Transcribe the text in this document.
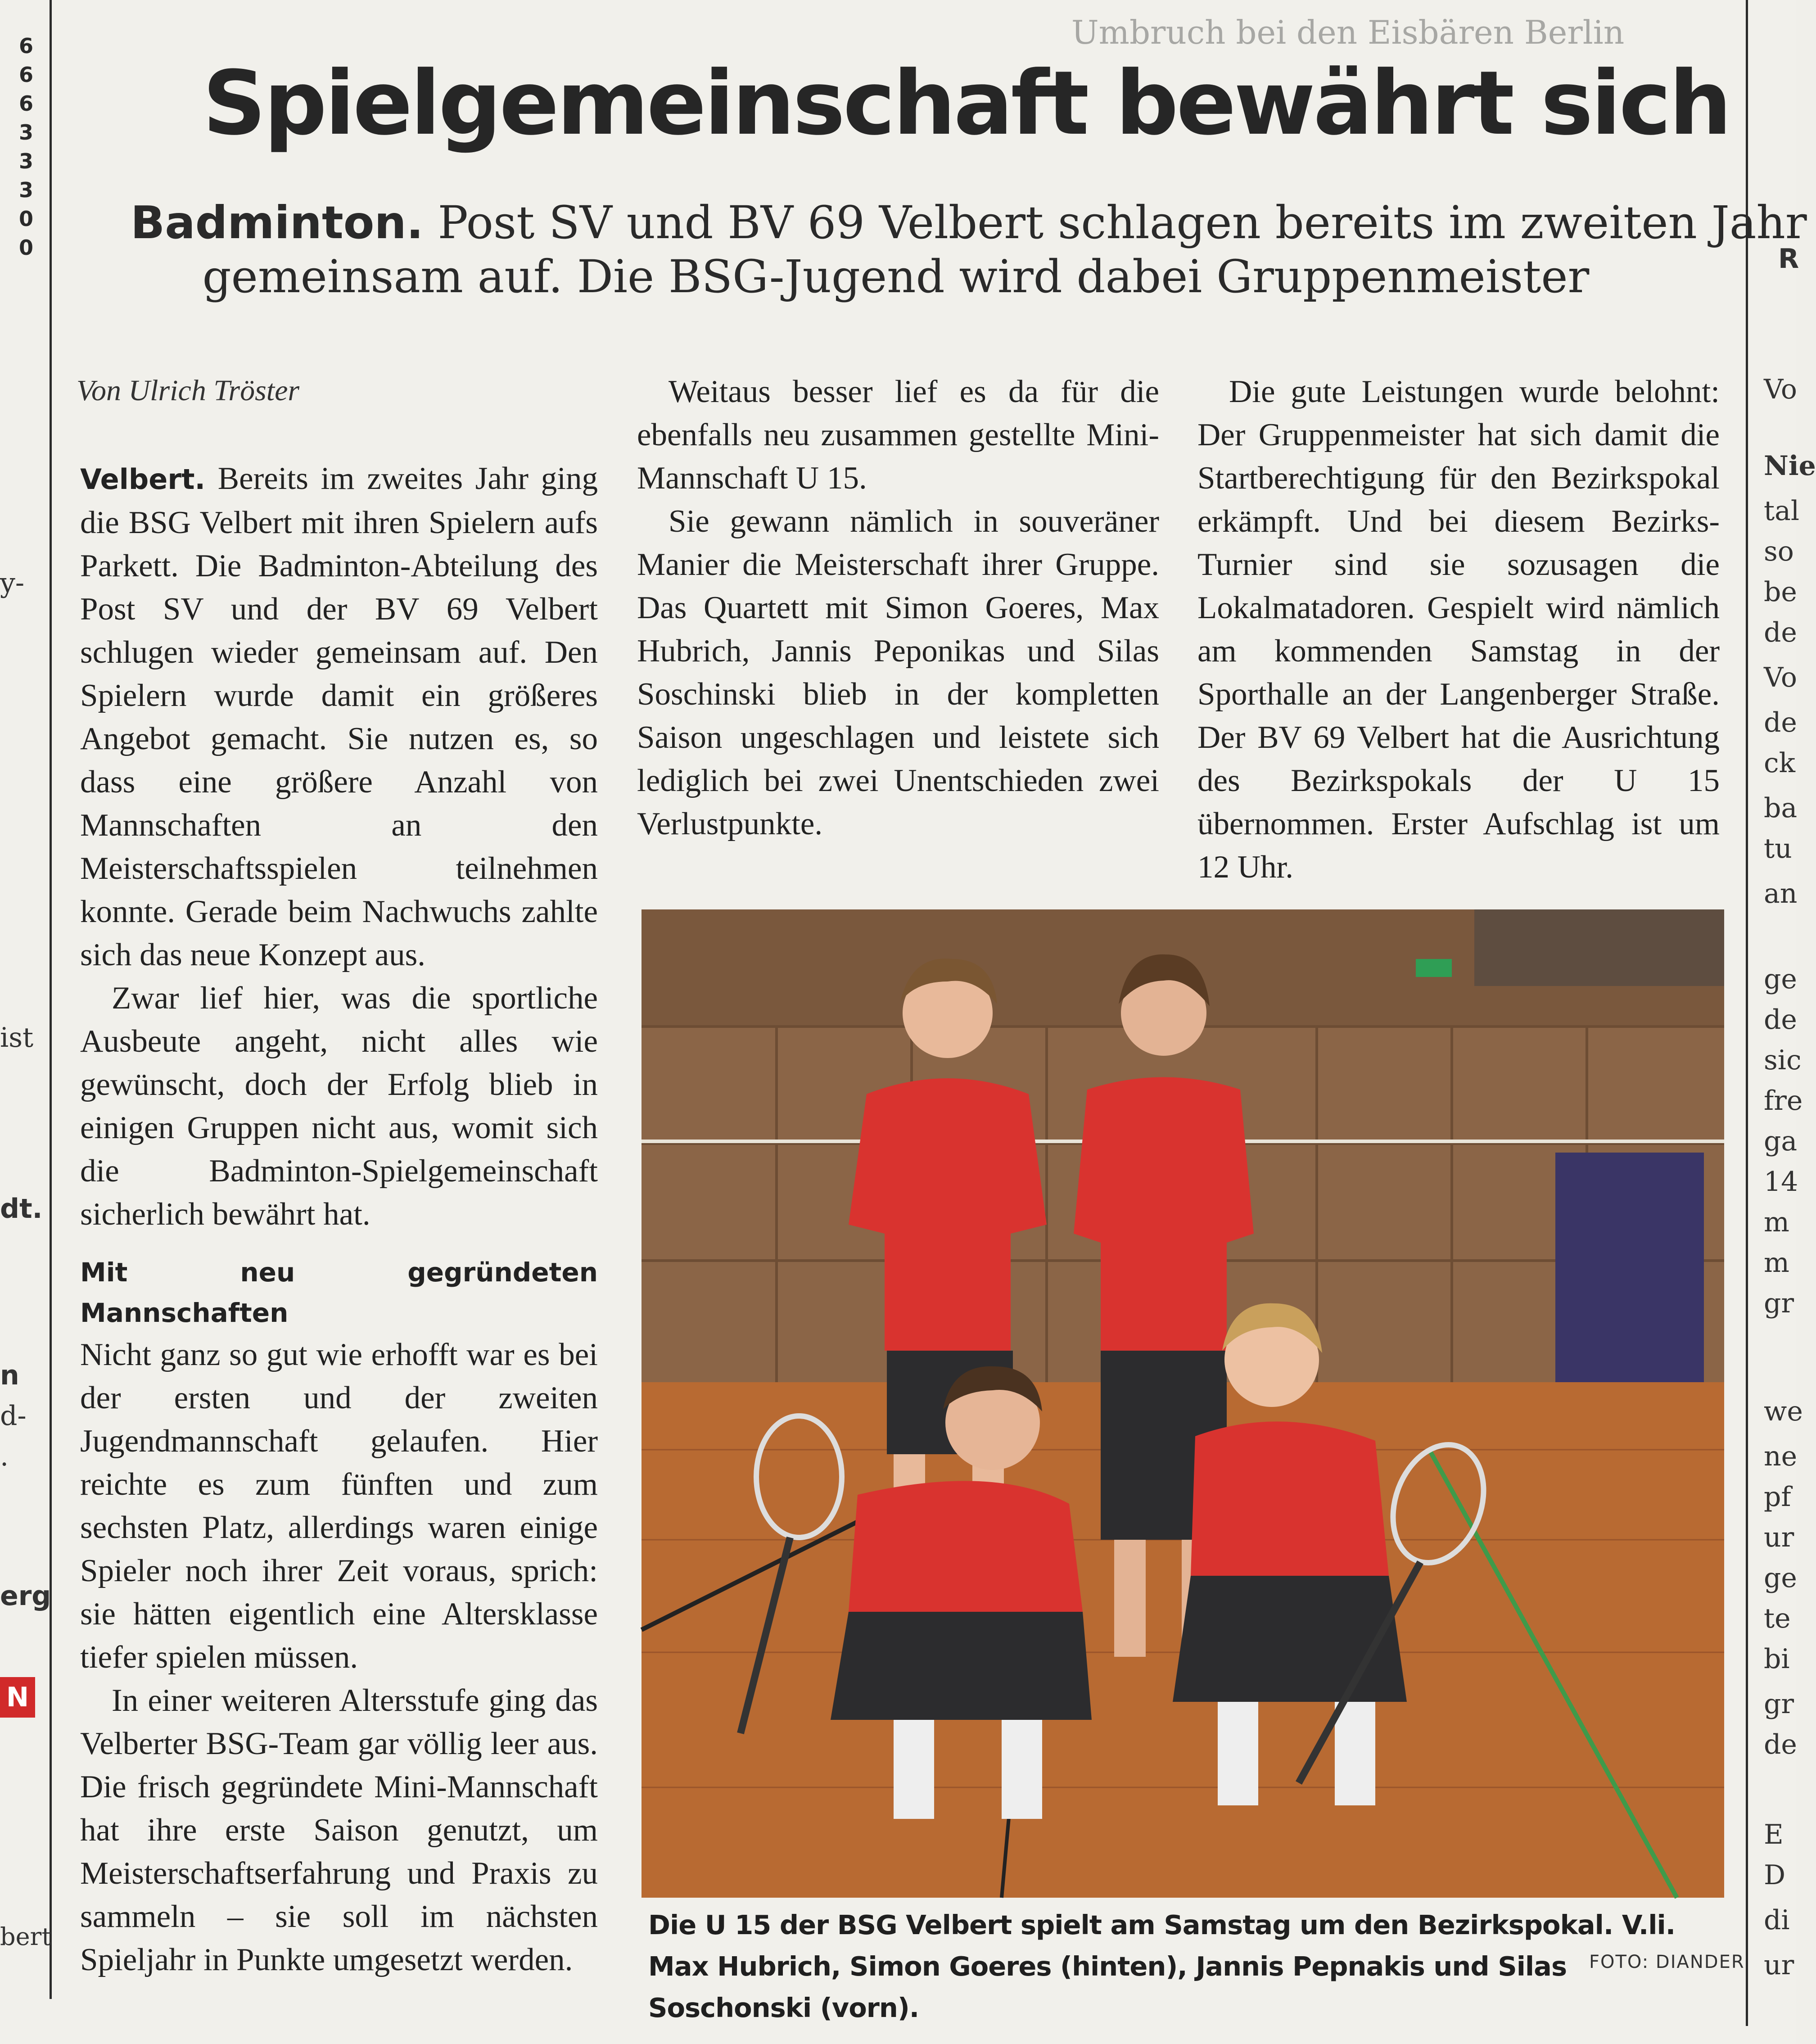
66633300
y-
ist
dt.
n
d-
.
erg
N
bert
Umbruch bei den Eisbären Berlin
R
Vo
Nie
tal
so
be
de
Vo
de
ck
ba
tu
an
ge
de
sic
fre
ga
14
m
m
gr
we
ne
pf
ur
ge
te
bi
gr
de
E
D
di
ur
Spielgemeinschaft bewährt sich
Badminton. Post SV und BV 69 Velbert schlagen bereits im zweiten Jahr
gemeinsam auf. Die BSG-Jugend wird dabei Gruppenmeister
Von Ulrich Tröster

Velbert. Bereits im zweites Jahr ging die BSG Velbert mit ihren Spielern aufs Parkett. Die Badminton-Abteilung des Post SV und der BV 69 Velbert schlugen wieder gemeinsam auf. Den Spielern wurde damit ein größeres Angebot gemacht. Sie nutzen es, so dass eine größere Anzahl von Mannschaften an den Meisterschaftsspielen teilnehmen konnte. Gerade beim Nachwuchs zahlte sich das neue Konzept aus.

Zwar lief hier, was die sportliche Ausbeute angeht, nicht alles wie gewünscht, doch der Erfolg blieb in einigen Gruppen nicht aus, womit sich die Badminton-Spielgemeinschaft sicherlich bewährt hat.

Mit neu gegründeten Mannschaften

Nicht ganz so gut wie erhofft war es bei der ersten und der zweiten Jugendmannschaft gelaufen. Hier reichte es zum fünften und zum sechsten Platz, allerdings waren einige Spieler noch ihrer Zeit voraus, sprich: sie hätten eigentlich eine Altersklasse tiefer spielen müssen.

In einer weiteren Altersstufe ging das Velberter BSG-Team gar völlig leer aus. Die frisch gegründete Mini-Mannschaft hat ihre erste Saison genutzt, um Meisterschaftserfahrung und Praxis zu sammeln – sie soll im nächsten Spieljahr in Punkte umgesetzt werden.

Weitaus besser lief es da für die ebenfalls neu zusammen gestellte Mini-Mannschaft U 15.

Sie gewann nämlich in souveräner Manier die Meisterschaft ihrer Gruppe. Das Quartett mit Simon Goeres, Max Hubrich, Jannis Peponikas und Silas Soschinski blieb in der kompletten Saison ungeschlagen und leistete sich lediglich bei zwei Unentschieden zwei Verlustpunkte.

Die gute Leistungen wurde belohnt: Der Gruppenmeister hat sich damit die Startberechtigung für den Bezirkspokal erkämpft. Und bei diesem Bezirks-Turnier sind sie sozusagen die Lokalmatadoren. Gespielt wird nämlich am kommenden Samstag in der Sporthalle an der Langenberger Straße. Der BV 69 Velbert hat die Ausrichtung des Bezirkspokals der U 15 übernommen. Erster Aufschlag ist um 12 Uhr.

Die U 15 der BSG Velbert spielt am Samstag um den Bezirkspokal. V.li. Max Hubrich, Simon Goeres (hinten), Jannis Pepnakis und Silas Soschonski (vorn).
FOTO: DIANDER
